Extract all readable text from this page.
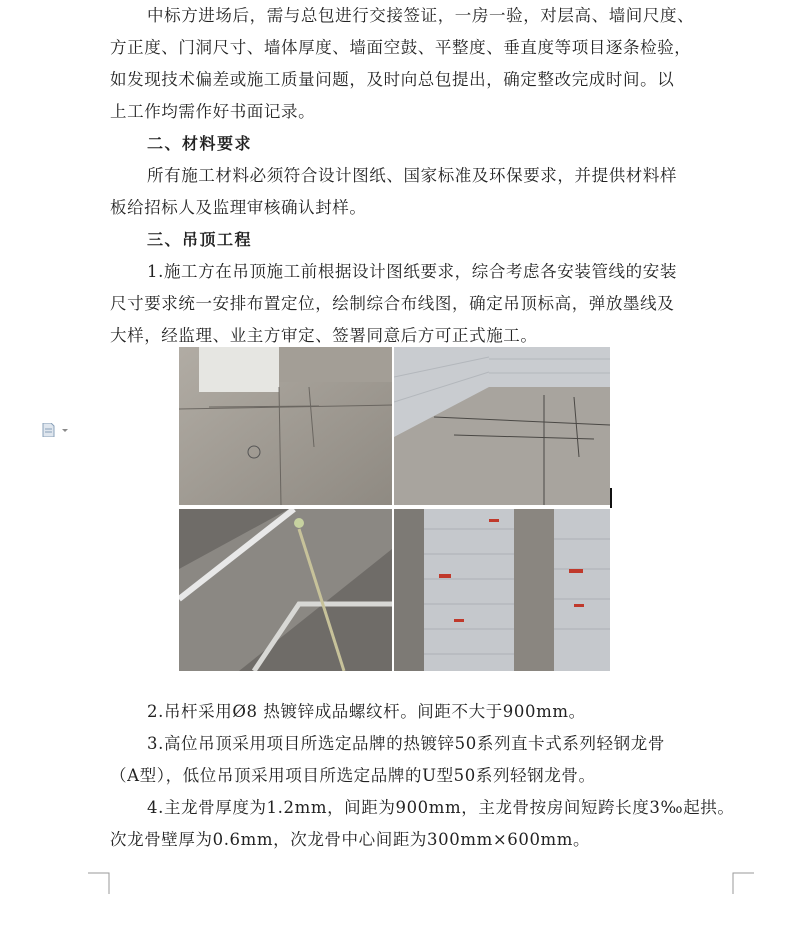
中标方进场后，需与总包进行交接签证，一房一验，对层高、墙间尺度、
方正度、门洞尺寸、墙体厚度、墙面空鼓、平整度、垂直度等项目逐条检验，
如发现技术偏差或施工质量问题，及时向总包提出，确定整改完成时间。以
上工作均需作好书面记录。
二、材料要求
所有施工材料必须符合设计图纸、国家标准及环保要求，并提供材料样
板给招标人及监理审核确认封样。
三、吊顶工程
1.施工方在吊顶施工前根据设计图纸要求，综合考虑各安装管线的安装
尺寸要求统一安排布置定位，绘制综合布线图，确定吊顶标高，弹放墨线及
大样，经监理、业主方审定、签署同意后方可正式施工。
2.吊杆采用Ø8 热镀锌成品螺纹杆。间距不大于900mm。
3.高位吊顶采用项目所选定品牌的热镀锌50系列直卡式系列轻钢龙骨
（A型），低位吊顶采用项目所选定品牌的U型50系列轻钢龙骨。
4.主龙骨厚度为1.2mm，间距为900mm，主龙骨按房间短跨长度3‰起拱。
次龙骨壁厚为0.6mm，次龙骨中心间距为300mm×600mm。
